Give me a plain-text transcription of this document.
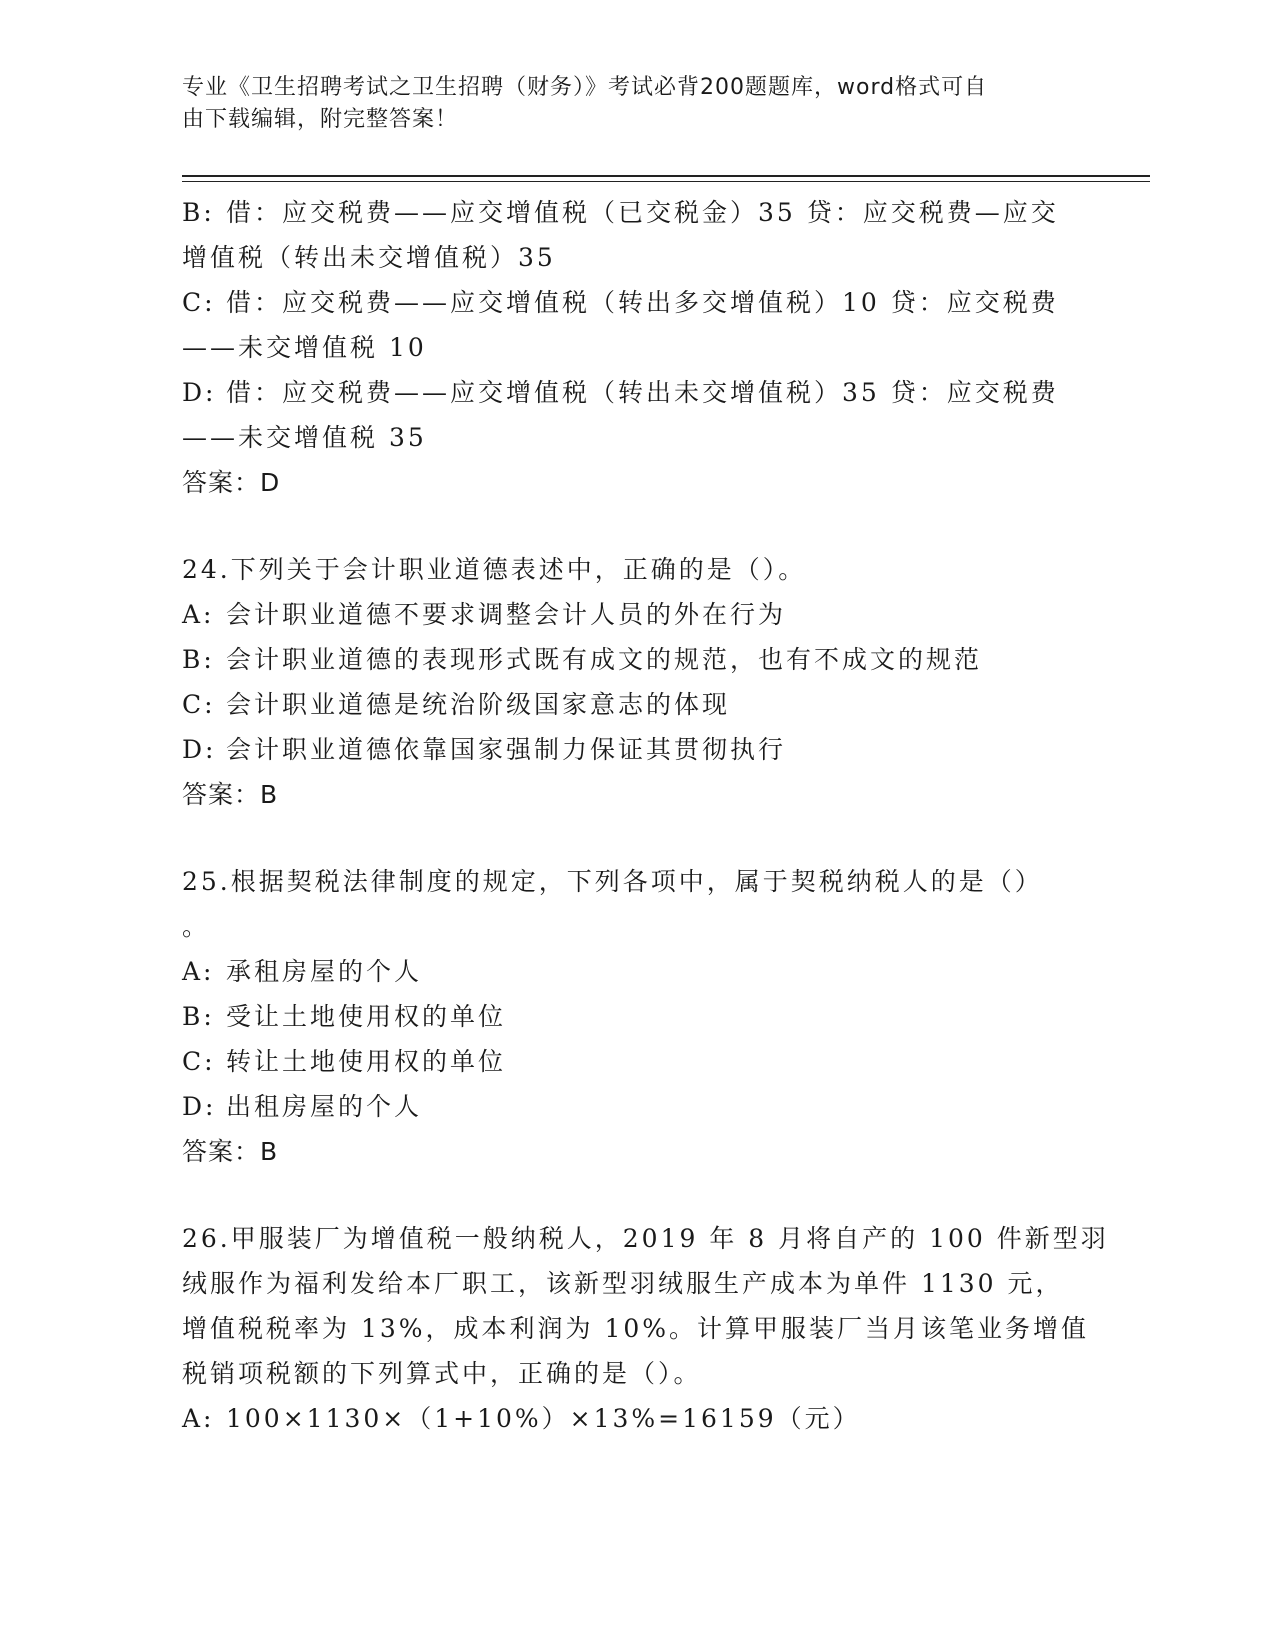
专业《卫生招聘考试之卫生招聘（财务）》考试必背200题题库，word格式可自
由下载编辑，附完整答案！
B: 借：应交税费——应交增值税（已交税金）35 贷：应交税费—应交
增值税（转出未交增值税）35
C: 借：应交税费——应交增值税（转出多交增值税）10 贷：应交税费
——未交增值税 10
D: 借：应交税费——应交增值税（转出未交增值税）35 贷：应交税费
——未交增值税 35
答案：D
24.下列关于会计职业道德表述中，正确的是（）。
A: 会计职业道德不要求调整会计人员的外在行为
B: 会计职业道德的表现形式既有成文的规范，也有不成文的规范
C: 会计职业道德是统治阶级国家意志的体现
D: 会计职业道德依靠国家强制力保证其贯彻执行
答案：B
25.根据契税法律制度的规定，下列各项中，属于契税纳税人的是（）
。
A: 承租房屋的个人
B: 受让土地使用权的单位
C: 转让土地使用权的单位
D: 出租房屋的个人
答案：B
26.甲服装厂为增值税一般纳税人，2019 年 8 月将自产的 100 件新型羽
绒服作为福利发给本厂职工，该新型羽绒服生产成本为单件 1130 元，
增值税税率为 13%，成本利润为 10%。计算甲服装厂当月该笔业务增值
税销项税额的下列算式中，正确的是（）。
A: 100×1130×（1+10%）×13%=16159（元）
